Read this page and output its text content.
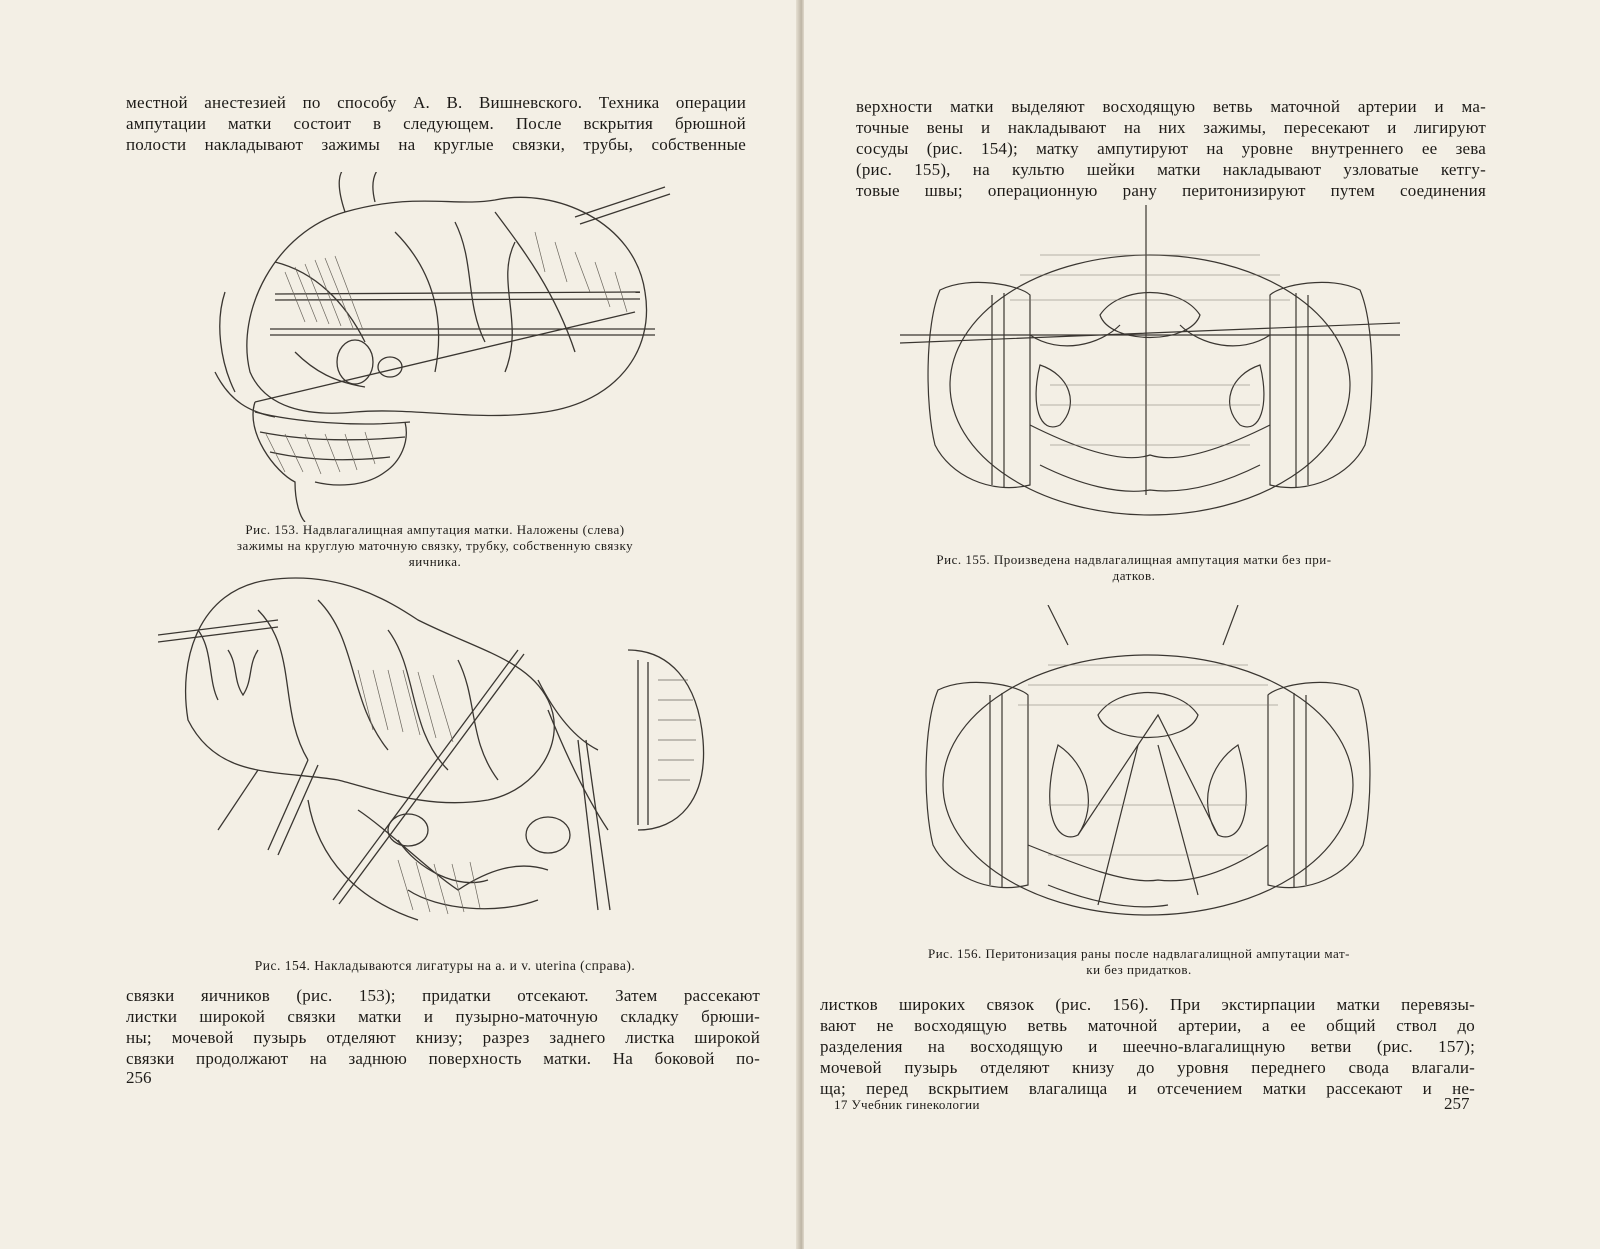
местной анестезией по способу А. В. Вишневского. Техника операции
ампутации матки состоит в следующем. После вскрытия брюшной
полости накладывают зажимы на круглые связки, трубы, собственные
Рис. 153. Надвлагалищная ампутация матки. Наложены (слева)
зажимы на круглую маточную связку, трубку, собственную связку
яичника.
Рис. 154. Накладываются лигатуры на a. и v. uterina (справа).
связки яичников (рис. 153); придатки отсекают. Затем рассекают
листки широкой связки матки и пузырно-маточную складку брюши-
ны; мочевой пузырь отделяют книзу; разрез заднего листка широкой
связки продолжают на заднюю поверхность матки. На боковой по-
256
верхности матки выделяют восходящую ветвь маточной артерии и ма-
точные вены и накладывают на них зажимы, пересекают и лигируют
сосуды (рис. 154); матку ампутируют на уровне внутреннего ее зева
(рис. 155), на культю шейки матки накладывают узловатые кетгу-
товые швы; операционную рану перитонизируют путем соединения
Рис. 155. Произведена надвлагалищная ампутация матки без при-
датков.
Рис. 156. Перитонизация раны после надвлагалищной ампутации мат-
ки без придатков.
листков широких связок (рис. 156). При экстирпации матки перевязы-
вают не восходящую ветвь маточной артерии, а ее общий ствол до
разделения на восходящую и шеечно-влагалищную ветви (рис. 157);
мочевой пузырь отделяют книзу до уровня переднего свода влагали-
ща; перед вскрытием влагалища и отсечением матки рассекают и не-
17 Учебник гинекологии	257
